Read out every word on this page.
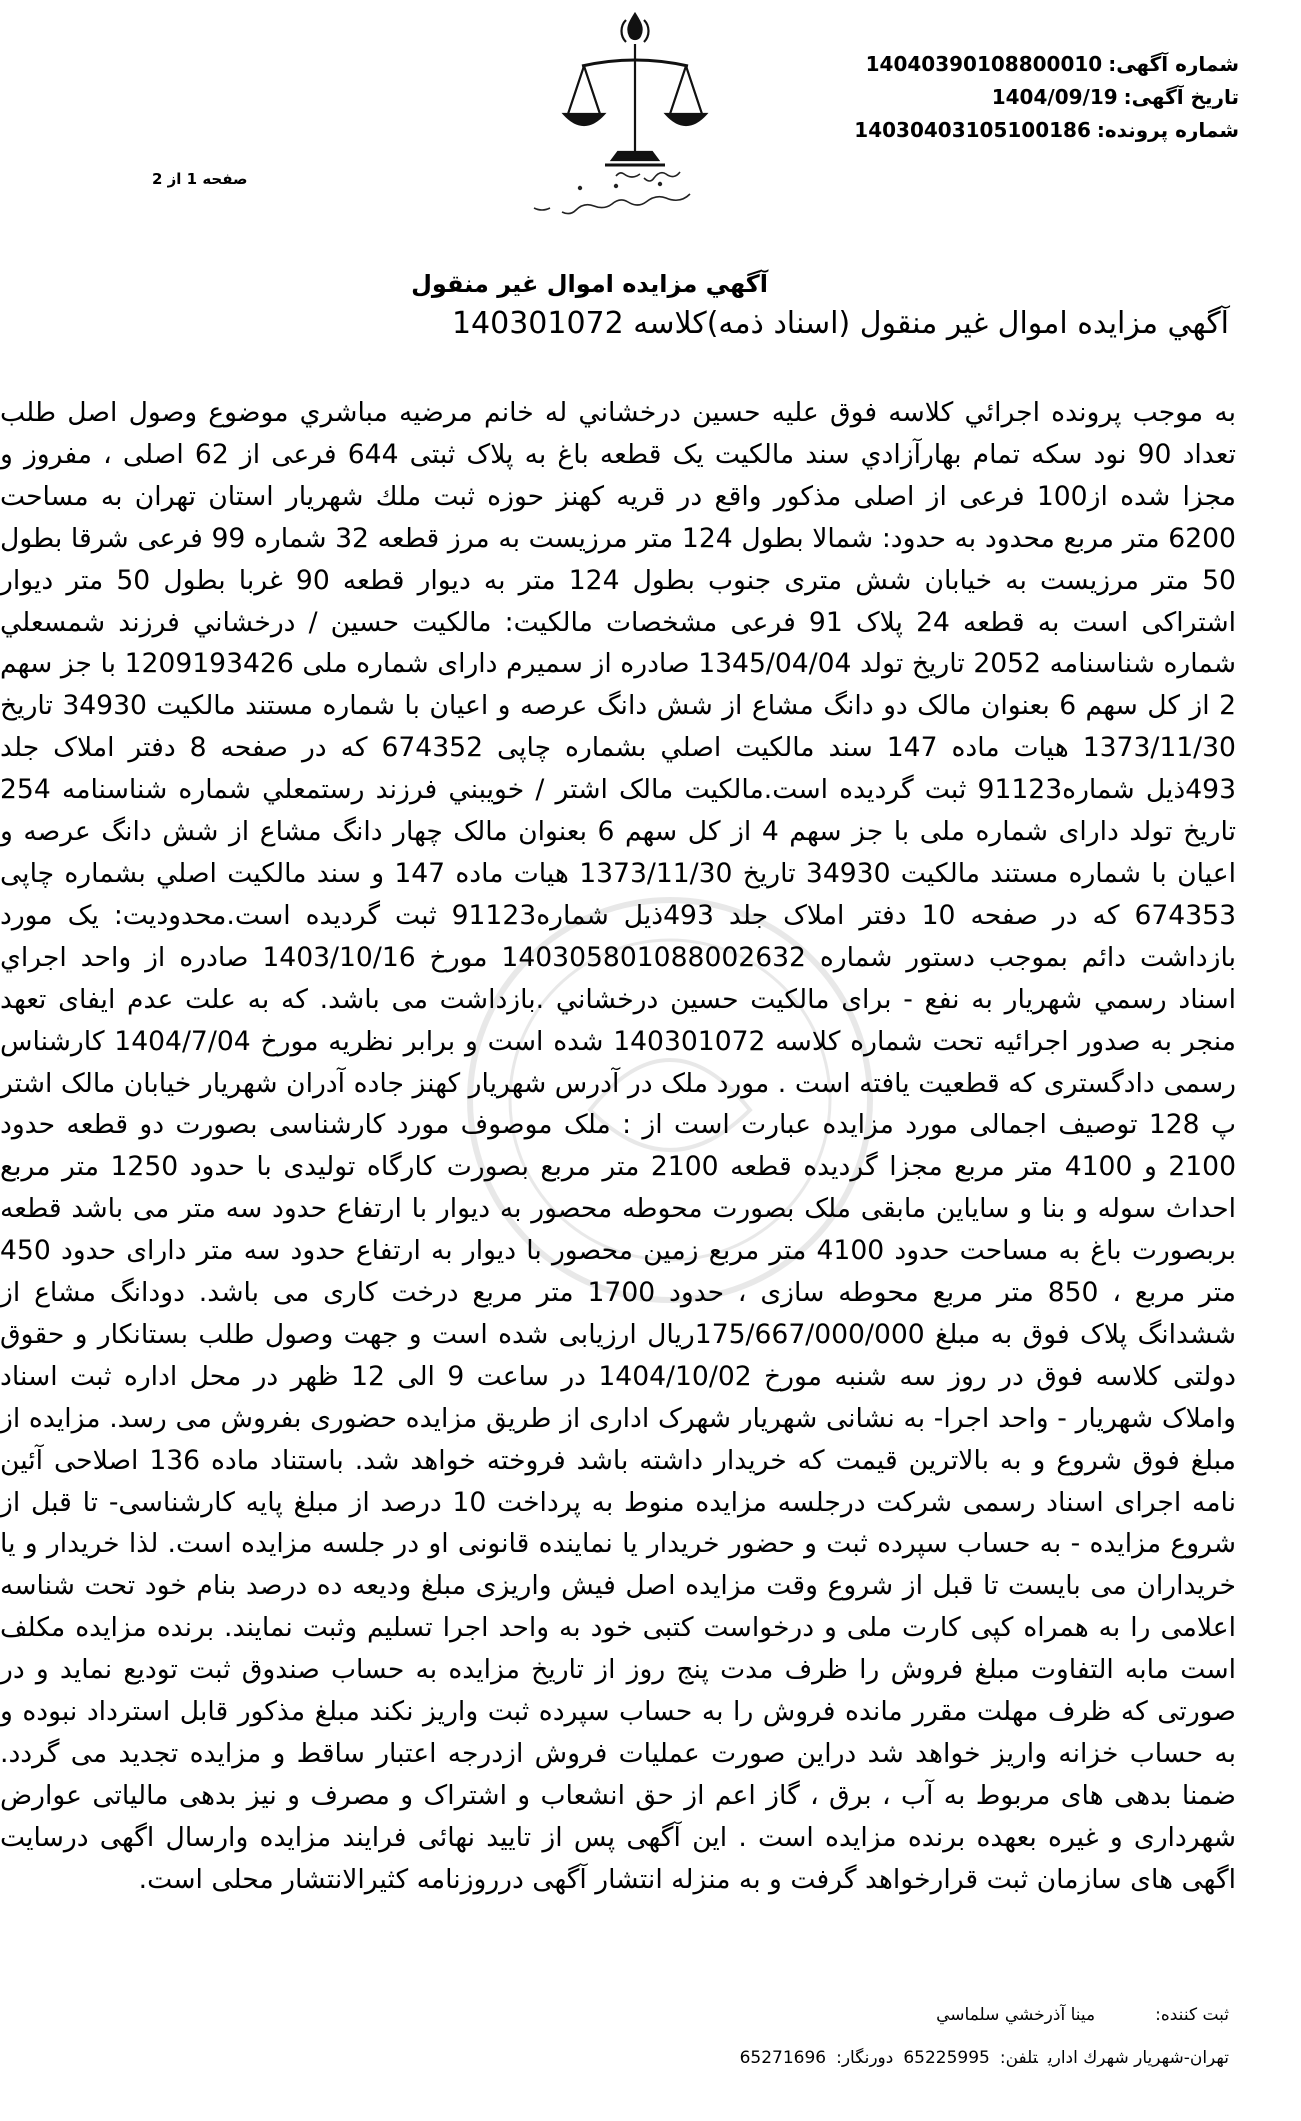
شماره آگهی:14040390108800010
تاریخ آگهی:1404/09/19
شماره پرونده:14030403105100186
صفحه 1 از 2
آگهي مزايده اموال غير منقول
آگهي مزايده اموال غير منقول (اسناد ذمه)كلاسه 140301072

به موجب پرونده اجرائي كلاسه فوق عليه حسين درخشاني له خانم مرضيه مباشري موضوع وصول اصل طلب تعداد 90 نود سکه تمام بهارآزادي سند مالكيت يک قطعه باغ به پلاک ثبتی 644 فرعی از 62 اصلی ، مفروز و مجزا شده از100 فرعی از اصلی مذکور واقع در قريه کهنز حوزه ثبت ملك شهريار استان تهران به مساحت 6200 متر مربع محدود به حدود: شمالا بطول 124 متر مرزيست به مرز قطعه 32 شماره 99 فرعی شرقا بطول 50 متر مرزيست به خيابان شش متری جنوب بطول 124 متر به ديوار قطعه 90 غربا بطول 50 متر ديوار اشتراکی است به قطعه 24 پلاک 91 فرعی مشخصات مالکيت: مالکيت حسين / درخشاني فرزند شمسعلي شماره شناسنامه 2052 تاريخ تولد 1345/04/04 صادره از سميرم دارای شماره ملی 1209193426 با جز سهم 2 از کل سهم 6 بعنوان مالک دو دانگ مشاع از شش دانگ عرصه و اعيان با شماره مستند مالکيت 34930 تاريخ 1373/11/30 هيات ماده 147 سند مالکيت اصلي بشماره چاپی 674352 که در صفحه 8 دفتر املاک جلد 493ذيل شماره91123 ثبت گرديده است.مالکيت مالک اشتر / خويبني فرزند رستمعلي شماره شناسنامه 254 تاريخ تولد دارای شماره ملی با جز سهم 4 از کل سهم 6 بعنوان مالک چهار دانگ مشاع از شش دانگ عرصه و اعيان با شماره مستند مالکيت 34930 تاريخ 1373/11/30 هيات ماده 147 و سند مالکيت اصلي بشماره چاپی 674353 که در صفحه 10 دفتر املاک جلد 493ذيل شماره91123 ثبت گرديده است.محدوديت: يک مورد بازداشت دائم بموجب دستور شماره 140305801088002632 مورخ 1403/10/16 صادره از واحد اجراي اسناد رسمي شهريار به نفع - برای مالکيت حسين درخشاني .بازداشت می باشد. که به علت عدم ايفای تعهد منجر به صدور اجرائيه تحت شماره کلاسه 140301072 شده است و برابر نظريه مورخ 1404/7/04 کارشناس رسمی دادگستری که قطعيت يافته است . مورد ملک در آدرس شهريار کهنز جاده آدران شهريار خيابان مالک اشتر پ 128 توصيف اجمالی مورد مزايده عبارت است از : ملک موصوف مورد کارشناسی بصورت دو قطعه حدود 2100 و 4100 متر مربع مجزا گرديده قطعه 2100 متر مربع بصورت کارگاه توليدی با حدود 1250 متر مربع احداث سوله و بنا و ساياين مابقی ملک بصورت محوطه محصور به ديوار با ارتفاع حدود سه متر می باشد قطعه بربصورت باغ به مساحت حدود 4100 متر مربع زمين محصور با ديوار به ارتفاع حدود سه متر دارای حدود 450 متر مربع ، 850 متر مربع محوطه سازی ، حدود 1700 متر مربع درخت کاری می باشد. دودانگ مشاع از ششدانگ پلاک فوق به مبلغ 175/667/000/000ريال ارزيابی شده است و جهت وصول طلب بستانکار و حقوق دولتی کلاسه فوق در روز سه شنبه مورخ 1404/10/02 در ساعت 9 الی 12 ظهر در محل اداره ثبت اسناد واملاک شهريار - واحد اجرا- به نشانی شهريار شهرک اداری از طريق مزايده حضوری بفروش می رسد. مزايده از مبلغ فوق شروع و به بالاترين قيمت که خريدار داشته باشد فروخته خواهد شد. باستناد ماده 136 اصلاحی آئين نامه اجرای اسناد رسمی شرکت درجلسه مزايده منوط به پرداخت 10 درصد از مبلغ پايه کارشناسی- تا قبل از شروع مزايده - به حساب سپرده ثبت و حضور خريدار يا نماينده قانونی او در جلسه مزايده است. لذا خريدار و يا خريداران می بايست تا قبل از شروع وقت مزايده اصل فيش واريزی مبلغ وديعه ده درصد بنام خود تحت شناسه اعلامی را به همراه کپی کارت ملی و درخواست کتبی خود به واحد اجرا تسليم وثبت نمايند. برنده مزايده مکلف است مابه التفاوت مبلغ فروش را ظرف مدت پنج روز از تاريخ مزايده به حساب صندوق ثبت توديع نمايد و در صورتی که ظرف مهلت مقرر مانده فروش را به حساب سپرده ثبت واريز نکند مبلغ مذکور قابل استرداد نبوده و به حساب خزانه واريز خواهد شد دراين صورت عمليات فروش ازدرجه اعتبار ساقط و مزايده تجديد می گردد. ضمنا بدهی های مربوط به آب ، برق ، گاز اعم از حق انشعاب و اشتراک و مصرف و نيز بدهی مالياتی عوارض شهرداری و غيره بعهده برنده مزايده است . اين آگهی پس از تاييد نهائی فرايند مزايده وارسال اگهی درسايت اگهی های سازمان ثبت قرارخواهد گرفت و به منزله انتشار آگهی درروزنامه کثيرالانتشار محلی است.

ثبت كننده:مينا آذرخشي سلماسي
تهران-شهريار شهرك اداريتلفن:65225995دورنگار:65271696
